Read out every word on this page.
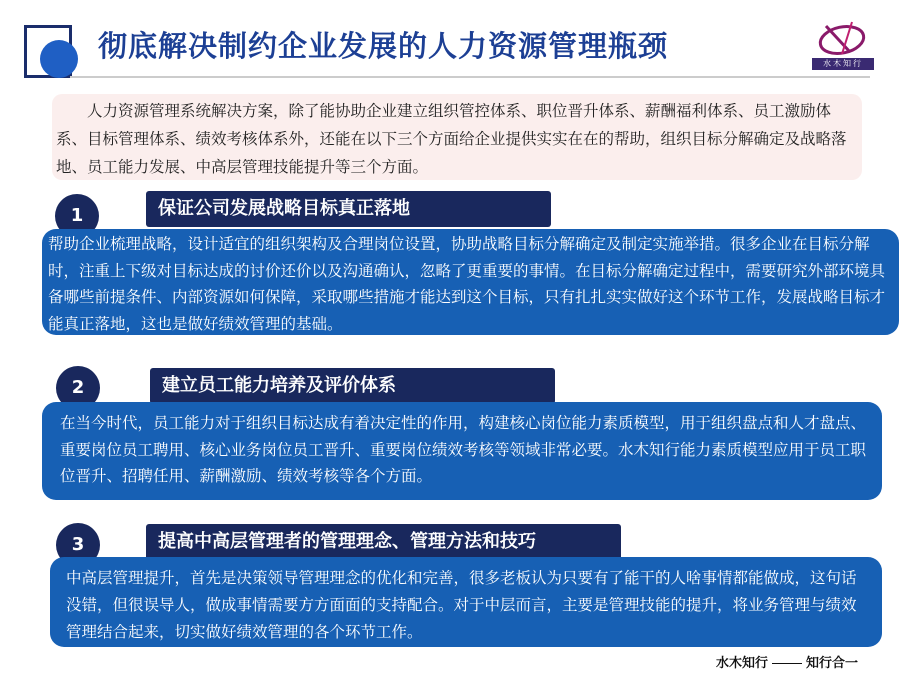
彻底解决制约企业发展的人力资源管理瓶颈
水木知行
人力资源管理系统解决方案，除了能协助企业建立组织管控体系、职位晋升体系、薪酬福利体系、员工激励体系、目标管理体系、绩效考核体系外，还能在以下三个方面给企业提供实实在在的帮助，组织目标分解确定及战略落地、员工能力发展、中高层管理技能提升等三个方面。
保证公司发展战略目标真正落地
1
帮助企业梳理战略，设计适宜的组织架构及合理岗位设置，协助战略目标分解确定及制定实施举措。很多企业在目标分解时，注重上下级对目标达成的讨价还价以及沟通确认，忽略了更重要的事情。在目标分解确定过程中，需要研究外部环境具备哪些前提条件、内部资源如何保障，采取哪些措施才能达到这个目标，只有扎扎实实做好这个环节工作，发展战略目标才能真正落地，这也是做好绩效管理的基础。
建立员工能力培养及评价体系
2
在当今时代，员工能力对于组织目标达成有着决定性的作用，构建核心岗位能力素质模型，用于组织盘点和人才盘点、重要岗位员工聘用、核心业务岗位员工晋升、重要岗位绩效考核等领域非常必要。水木知行能力素质模型应用于员工职位晋升、招聘任用、薪酬激励、绩效考核等各个方面。
提高中高层管理者的管理理念、管理方法和技巧
3
中高层管理提升，首先是决策领导管理理念的优化和完善，很多老板认为只要有了能干的人啥事情都能做成，这句话没错，但很误导人，做成事情需要方方面面的支持配合。对于中层而言，主要是管理技能的提升，将业务管理与绩效管理结合起来，切实做好绩效管理的各个环节工作。
水木知行	知行合一
